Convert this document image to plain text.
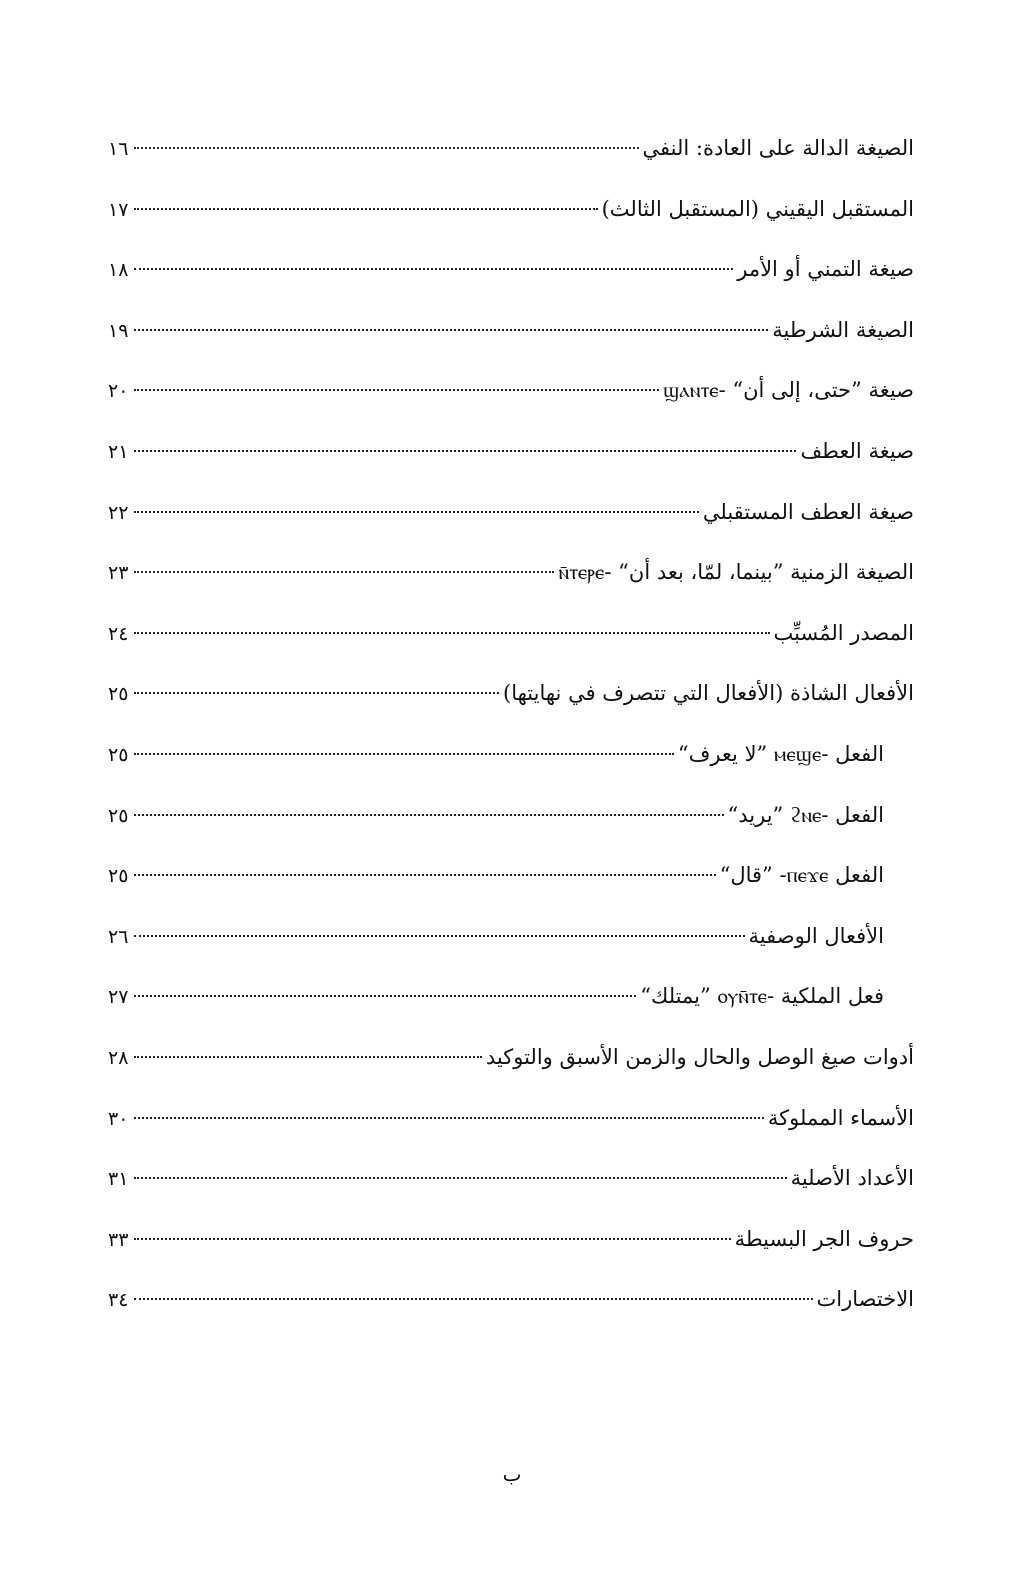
الصيغة الدالة على العادة: النفي
١٦
المستقبل اليقيني (المستقبل الثالث)
١٧
صيغة التمني أو الأمر
١٨
الصيغة الشرطية
١٩
صيغة ”حتى، إلى أن“ -ϣⲁⲛⲧⲉ
٢٠
صيغة العطف
٢١
صيغة العطف المستقبلي
٢٢
الصيغة الزمنية ”بينما، لمّا، بعد أن“ -ⲛ̄ⲧⲉⲣⲉ
٢٣
المصدر المُسبِّب
٢٤
الأفعال الشاذة (الأفعال التي تتصرف في نهايتها)
٢٥
الفعل -ⲙⲉϣⲉ ”لا يعرف“
٢٥
الفعل -ϩⲛⲉ ”يريد“
٢٥
الفعل ⲡⲉϫⲉ- ”قال“
٢٥
الأفعال الوصفية
٢٦
فعل الملكية -ⲟⲩⲛ̄ⲧⲉ ”يمتلك“
٢٧
أدوات صيغ الوصل والحال والزمن الأسبق والتوكيد
٢٨
الأسماء المملوكة
٣٠
الأعداد الأصلية
٣١
حروف الجر البسيطة
٣٣
الاختصارات
٣٤
ب
